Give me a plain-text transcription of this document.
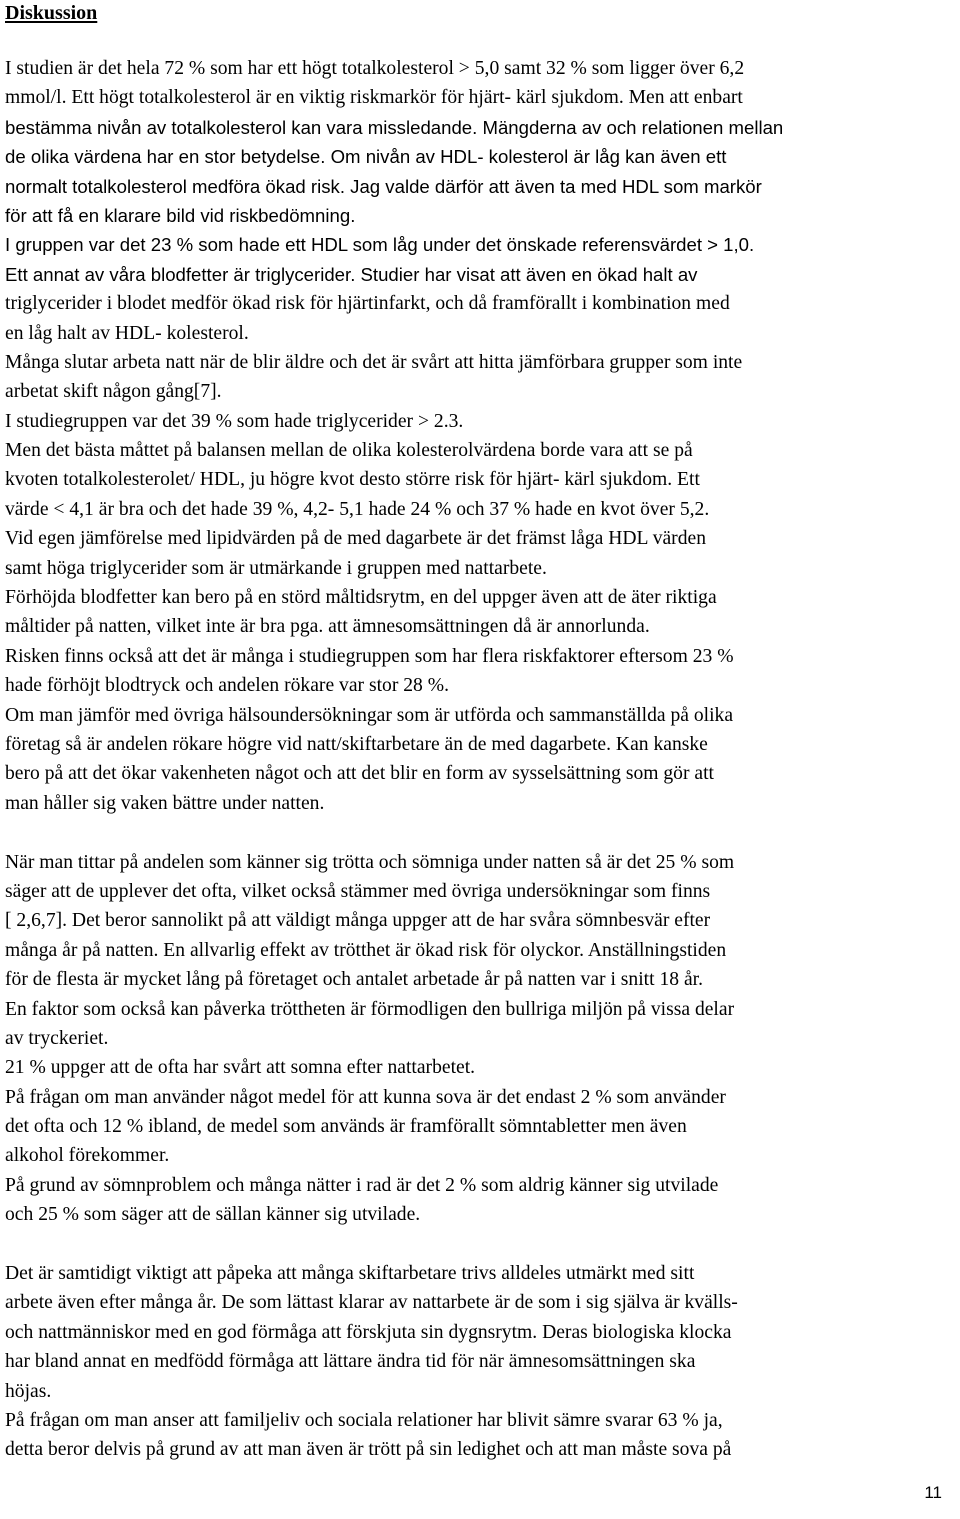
Diskussion
I studien är det hela 72 % som har ett högt totalkolesterol > 5,0 samt 32 % som ligger över 6,2
mmol/l. Ett högt totalkolesterol är en viktig riskmarkör för hjärt- kärl sjukdom. Men att enbart
bestämma nivån av totalkolesterol kan vara missledande. Mängderna av och relationen mellan
de olika värdena har en stor betydelse. Om nivån av HDL- kolesterol är låg kan även ett
normalt totalkolesterol medföra ökad risk. Jag valde därför att även ta med HDL som markör
för att få en klarare bild vid riskbedömning.
I gruppen var det 23 % som hade ett HDL som låg under det önskade referensvärdet > 1,0.
Ett annat av våra blodfetter är triglycerider. Studier har visat att även en ökad halt av
triglycerider i blodet medför ökad risk för hjärtinfarkt, och då framförallt i kombination med
en låg halt av HDL- kolesterol.
Många slutar arbeta natt när de blir äldre och det är svårt att hitta jämförbara grupper som inte
arbetat skift någon gång[7].
I studiegruppen var det 39 % som hade triglycerider > 2.3.
Men det bästa måttet på balansen mellan de olika kolesterolvärdena borde vara att se på
kvoten totalkolesterolet/ HDL, ju högre kvot desto större risk för hjärt- kärl sjukdom. Ett
värde < 4,1 är bra och det hade 39 %, 4,2- 5,1 hade 24 % och 37 % hade en kvot över 5,2.
Vid egen jämförelse med lipidvärden på de med dagarbete är det främst låga HDL värden
samt höga triglycerider som är utmärkande i gruppen med nattarbete.
Förhöjda blodfetter kan bero på en störd måltidsrytm, en del uppger även att de äter riktiga
måltider på natten, vilket inte är bra pga. att ämnesomsättningen då är annorlunda.
Risken finns också att det är många i studiegruppen som har flera riskfaktorer eftersom 23 %
hade förhöjt blodtryck och andelen rökare var stor 28 %.
Om man jämför med övriga hälsoundersökningar som är utförda och sammanställda på olika
företag så är andelen rökare högre vid natt/skiftarbetare än de med dagarbete. Kan kanske
bero på att det ökar vakenheten något och att det blir en form av sysselsättning som gör att
man håller sig vaken bättre under natten.
När man tittar på andelen som känner sig trötta och sömniga under natten så är det 25 % som
säger att de upplever det ofta, vilket också stämmer med övriga undersökningar som finns
[ 2,6,7]. Det beror sannolikt på att väldigt många uppger att de har svåra sömnbesvär efter
många år på natten. En allvarlig effekt av trötthet är ökad risk för olyckor. Anställningstiden
för de flesta är mycket lång på företaget och antalet arbetade år på natten var i snitt 18 år.
En faktor som också kan påverka tröttheten är förmodligen den bullriga miljön på vissa delar
av tryckeriet.
21 % uppger att de ofta har svårt att somna efter nattarbetet.
På frågan om man använder något medel för att kunna sova är det endast 2 % som använder
det ofta och 12 % ibland, de medel som används är framförallt sömntabletter men även
alkohol förekommer.
På grund av sömnproblem och många nätter i rad är det 2 % som aldrig känner sig utvilade
och 25 % som säger att de sällan känner sig utvilade.
Det är samtidigt viktigt att påpeka att många skiftarbetare trivs alldeles utmärkt med sitt
arbete även efter många år. De som lättast klarar av nattarbete är de som i sig själva är kvälls-
och nattmänniskor med en god förmåga att förskjuta sin dygnsrytm. Deras biologiska klocka
har bland annat en medfödd förmåga att lättare ändra tid för när ämnesomsättningen ska
höjas.
På frågan om man anser att familjeliv och sociala relationer har blivit sämre svarar 63 % ja,
detta beror delvis på grund av att man även är trött på sin ledighet och att man måste sova på
11
